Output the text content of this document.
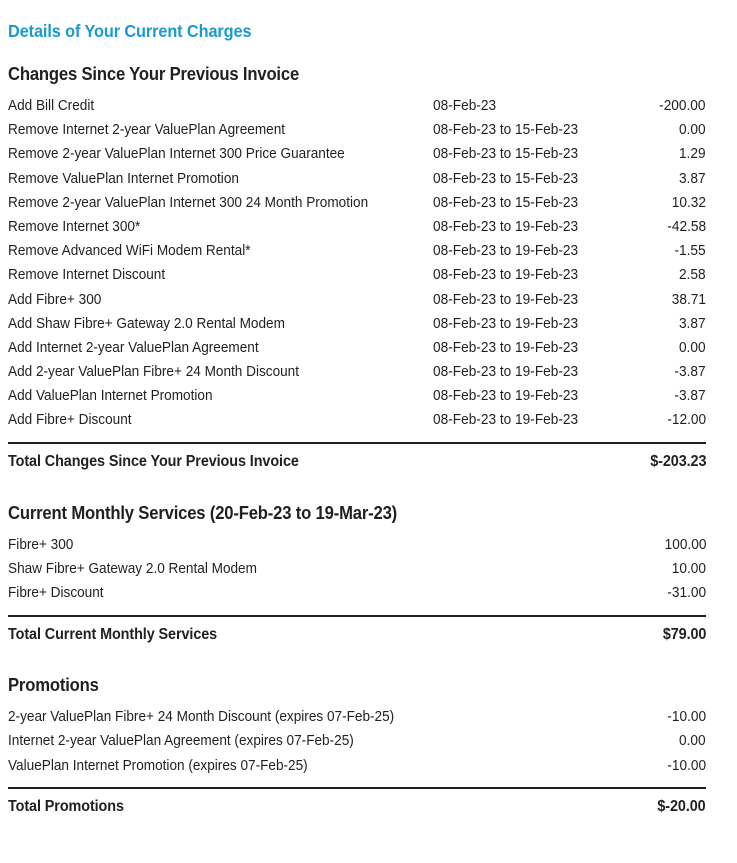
Details of Your Current Charges
Changes Since Your Previous Invoice
Add Bill Credit	08-Feb-23	-200.00
Remove Internet 2-year ValuePlan Agreement	08-Feb-23 to 15-Feb-23	0.00
Remove 2-year ValuePlan Internet 300 Price Guarantee	08-Feb-23 to 15-Feb-23	1.29
Remove ValuePlan Internet Promotion	08-Feb-23 to 15-Feb-23	3.87
Remove 2-year ValuePlan Internet 300 24 Month Promotion	08-Feb-23 to 15-Feb-23	10.32
Remove Internet 300*	08-Feb-23 to 19-Feb-23	-42.58
Remove Advanced WiFi Modem Rental*	08-Feb-23 to 19-Feb-23	-1.55
Remove Internet Discount	08-Feb-23 to 19-Feb-23	2.58
Add Fibre+ 300	08-Feb-23 to 19-Feb-23	38.71
Add Shaw Fibre+ Gateway 2.0 Rental Modem	08-Feb-23 to 19-Feb-23	3.87
Add Internet 2-year ValuePlan Agreement	08-Feb-23 to 19-Feb-23	0.00
Add 2-year ValuePlan Fibre+ 24 Month Discount	08-Feb-23 to 19-Feb-23	-3.87
Add ValuePlan Internet Promotion	08-Feb-23 to 19-Feb-23	-3.87
Add Fibre+ Discount	08-Feb-23 to 19-Feb-23	-12.00
Total Changes Since Your Previous Invoice	$-203.23
Current Monthly Services (20-Feb-23 to 19-Mar-23)
Fibre+ 300	100.00
Shaw Fibre+ Gateway 2.0 Rental Modem	10.00
Fibre+ Discount	-31.00
Total Current Monthly Services	$79.00
Promotions
2-year ValuePlan Fibre+ 24 Month Discount (expires 07-Feb-25)	-10.00
Internet 2-year ValuePlan Agreement (expires 07-Feb-25)	0.00
ValuePlan Internet Promotion (expires 07-Feb-25)	-10.00
Total Promotions	$-20.00
